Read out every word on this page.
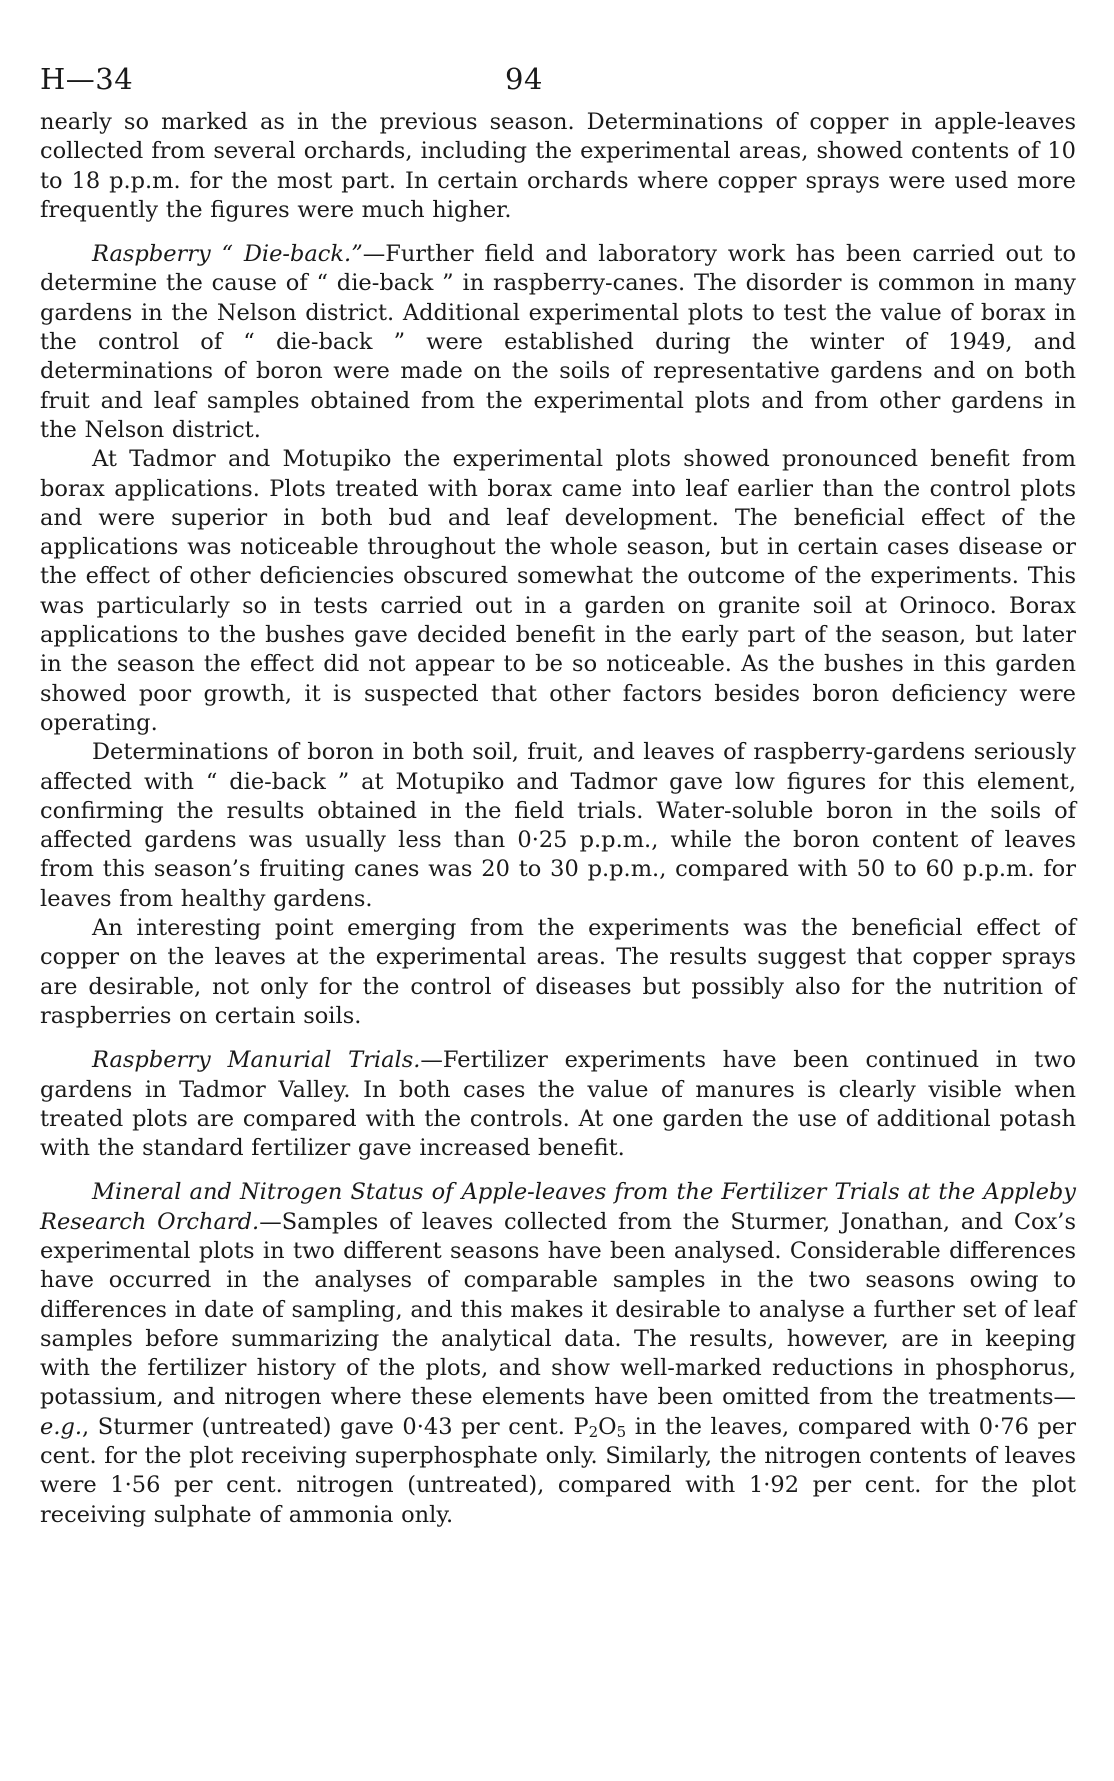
H—34	94

nearly so marked as in the previous season. Determinations of copper in apple-leaves collected from several orchards, including the experimental areas, showed contents of 10 to 18 p.p.m. for the most part. In certain orchards where copper sprays were used more frequently the figures were much higher.

Raspberry “ Die-back.”—Further field and laboratory work has been carried out to determine the cause of “ die-back ” in raspberry-canes. The disorder is common in many gardens in the Nelson district. Additional experimental plots to test the value of borax in the control of “ die-back ” were established during the winter of 1949, and determinations of boron were made on the soils of representative gardens and on both fruit and leaf samples obtained from the experimental plots and from other gardens in the Nelson district.

At Tadmor and Motupiko the experimental plots showed pronounced benefit from borax applications. Plots treated with borax came into leaf earlier than the control plots and were superior in both bud and leaf development. The beneficial effect of the applications was noticeable throughout the whole season, but in certain cases disease or the effect of other deficiencies obscured somewhat the outcome of the experiments. This was particularly so in tests carried out in a garden on granite soil at Orinoco. Borax applications to the bushes gave decided benefit in the early part of the season, but later in the season the effect did not appear to be so noticeable. As the bushes in this garden showed poor growth, it is suspected that other factors besides boron deficiency were operating.

Determinations of boron in both soil, fruit, and leaves of raspberry-gardens seriously affected with “ die-back ” at Motupiko and Tadmor gave low figures for this element, confirming the results obtained in the field trials. Water-soluble boron in the soils of affected gardens was usually less than 0·25 p.p.m., while the boron content of leaves from this season’s fruiting canes was 20 to 30 p.p.m., compared with 50 to 60 p.p.m. for leaves from healthy gardens.

An interesting point emerging from the experiments was the beneficial effect of copper on the leaves at the experimental areas. The results suggest that copper sprays are desirable, not only for the control of diseases but possibly also for the nutrition of raspberries on certain soils.

Raspberry Manurial Trials.—Fertilizer experiments have been continued in two gardens in Tadmor Valley. In both cases the value of manures is clearly visible when treated plots are compared with the controls. At one garden the use of additional potash with the standard fertilizer gave increased benefit.

Mineral and Nitrogen Status of Apple-leaves from the Fertilizer Trials at the Appleby Research Orchard.—Samples of leaves collected from the Sturmer, Jonathan, and Cox’s experimental plots in two different seasons have been analysed. Considerable differences have occurred in the analyses of comparable samples in the two seasons owing to differences in date of sampling, and this makes it desirable to analyse a further set of leaf samples before summarizing the analytical data. The results, however, are in keeping with the fertilizer history of the plots, and show well-marked reductions in phosphorus, potassium, and nitrogen where these elements have been omitted from the treatments—e.g., Sturmer (untreated) gave 0·43 per cent. $P_2O_5$ in the leaves, compared with 0·76 per cent. for the plot receiving superphosphate only. Similarly, the nitrogen contents of leaves were 1·56 per cent. nitrogen (untreated), compared with 1·92 per cent. for the plot receiving sulphate of ammonia only.
